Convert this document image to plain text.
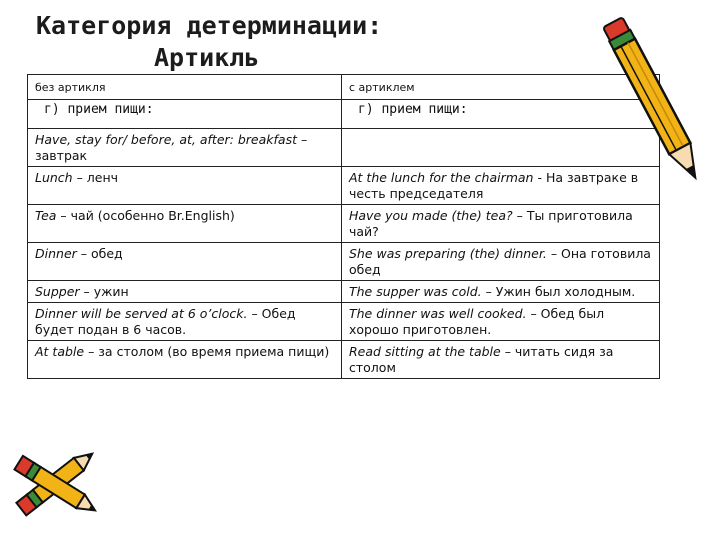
Категория детерминации:
Артикль
без артикля	с артиклем
г) прием пищи:	г) прием пищи:
Have, stay for/ before, at, after: breakfast – завтрак	
Lunch – ленч	At the lunch for the chairman - На завтраке в честь председателя
Tea – чай (особенно Br.English)	Have you made (the) tea? – Ты приготовила чай?
Dinner – обед	She was preparing (the) dinner. – Она готовила обед
Supper – ужин	The supper was cold. – Ужин был холодным.
Dinner will be served at 6 o’clock. – Обед будет подан в 6 часов.	The dinner was well cooked. – Обед был хорошо приготовлен.
At table – за столом (во время приема пищи)	Read sitting at the table – читать сидя за столом
